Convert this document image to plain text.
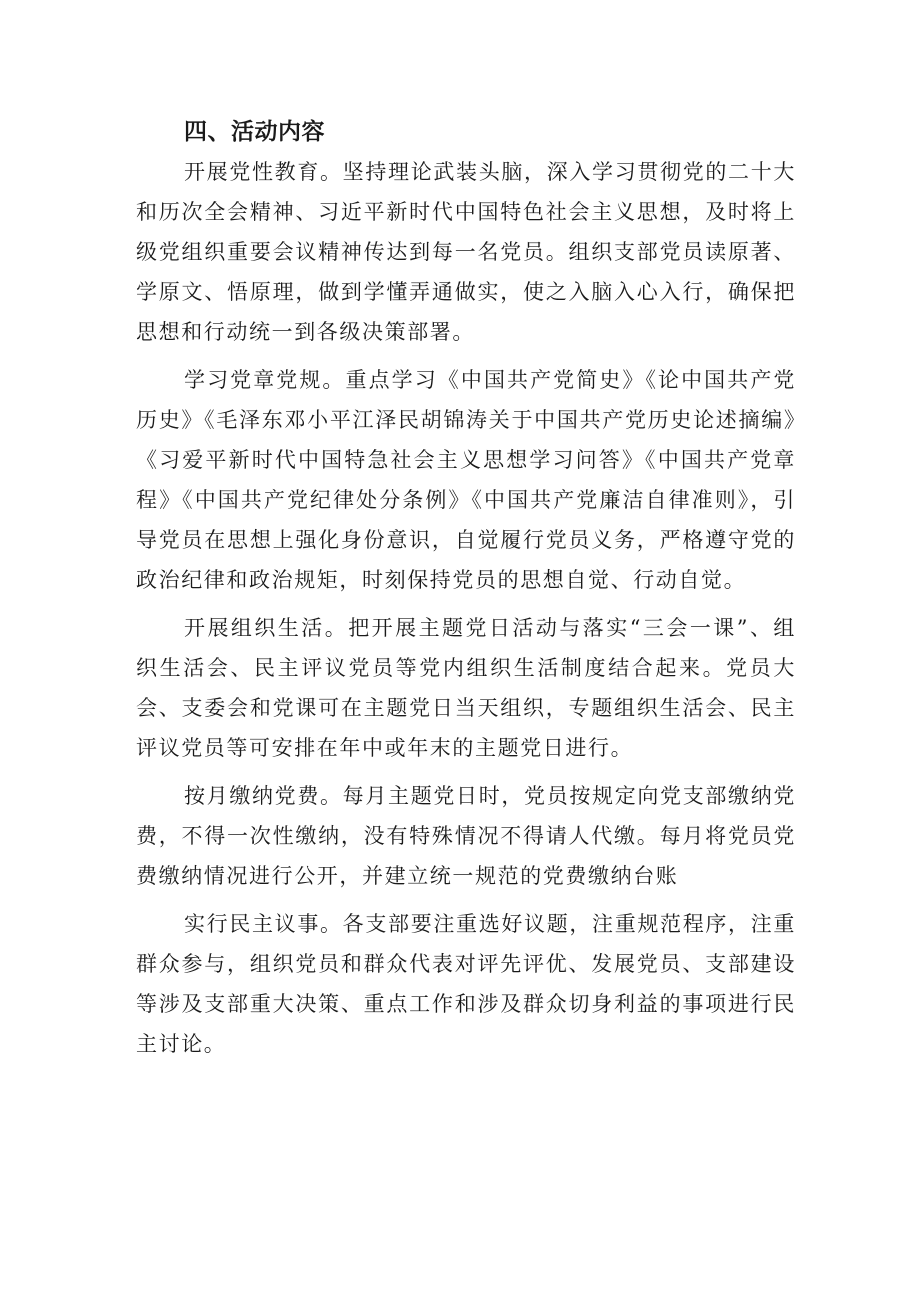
四、活动内容

开展党性教育。坚持理论武装头脑，深入学习贯彻党的二十大和历次全会精神、习近平新时代中国特色社会主义思想，及时将上级党组织重要会议精神传达到每一名党员。组织支部党员读原著、学原文、悟原理，做到学懂弄通做实，使之入脑入心入行，确保把思想和行动统一到各级决策部署。

学习党章党规。重点学习《中国共产党简史》《论中国共产党历史》《毛泽东邓小平江泽民胡锦涛关于中国共产党历史论述摘编》《习爱平新时代中国特急社会主义思想学习问答》《中国共产党章程》《中国共产党纪律处分条例》《中国共产党廉洁自律准则》，引导党员在思想上强化身份意识，自觉履行党员义务，严格遵守党的政治纪律和政治规矩，时刻保持党员的思想自觉、行动自觉。

开展组织生活。把开展主题党日活动与落实“三会一课”、组织生活会、民主评议党员等党内组织生活制度结合起来。党员大会、支委会和党课可在主题党日当天组织，专题组织生活会、民主评议党员等可安排在年中或年末的主题党日进行。

按月缴纳党费。每月主题党日时，党员按规定向党支部缴纳党费，不得一次性缴纳，没有特殊情况不得请人代缴。每月将党员党费缴纳情况进行公开，并建立统一规范的党费缴纳台账

实行民主议事。各支部要注重选好议题，注重规范程序，注重群众参与，组织党员和群众代表对评先评优、发展党员、支部建设等涉及支部重大决策、重点工作和涉及群众切身利益的事项进行民主讨论。
